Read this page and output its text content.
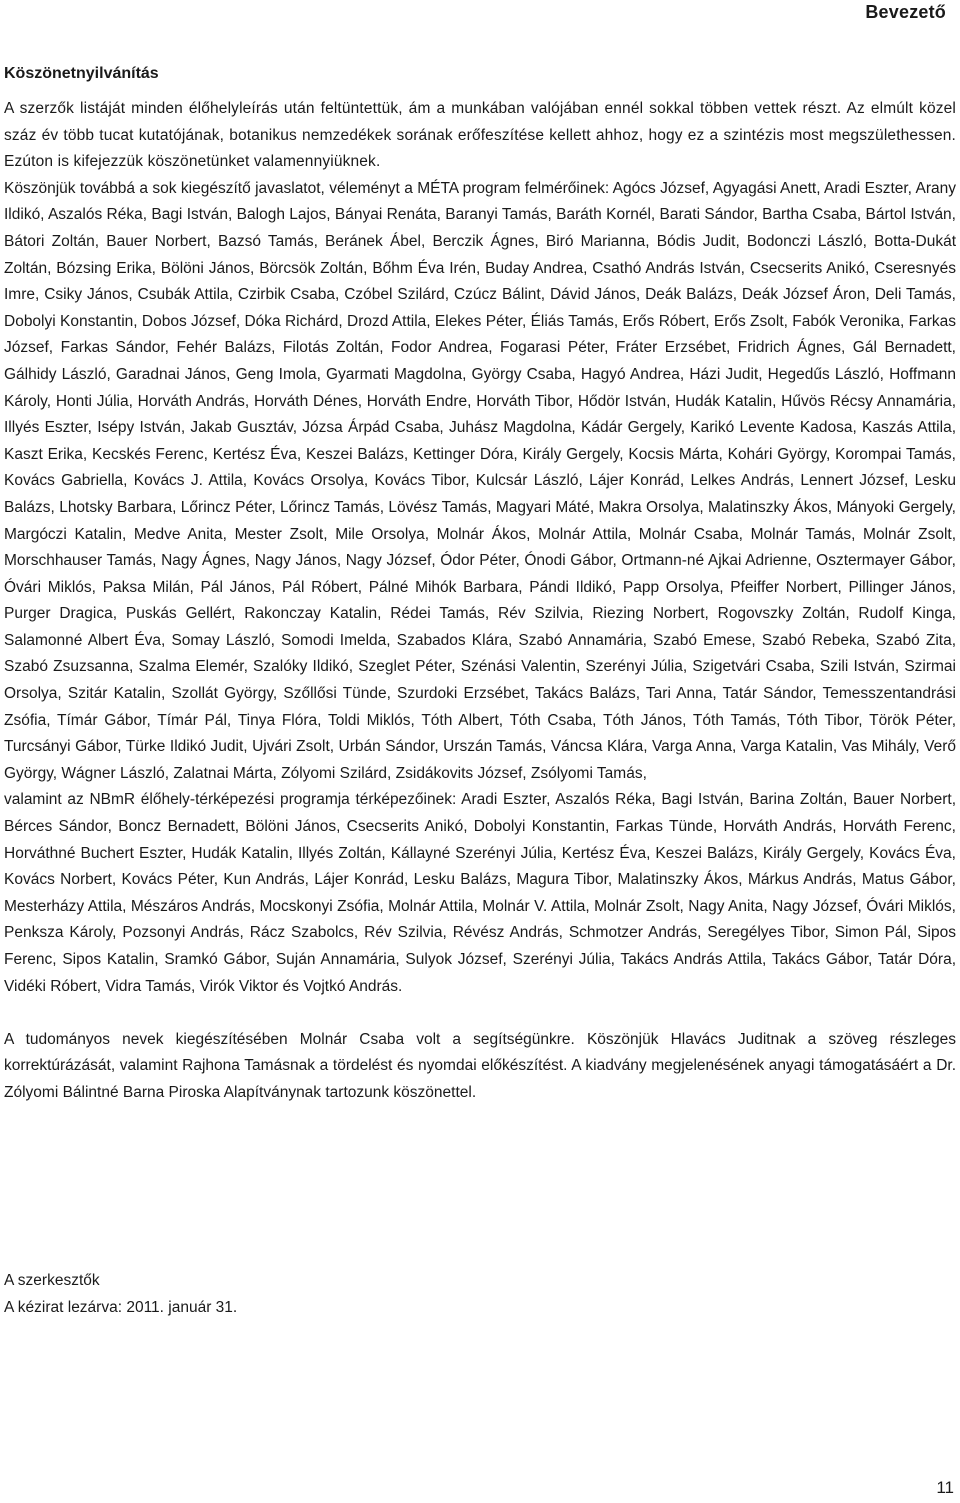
Bevezető
Köszönetnyilvánítás

A szerzők listáját minden élőhelyleírás után feltüntettük, ám a munkában valójában ennél sokkal többen vettek részt. Az elmúlt közel száz év több tucat kutatójának, botanikus nemzedékek sorának erőfeszítése kellett ahhoz, hogy ez a szintézis most megszülethessen. Ezúton is kifejezzük köszönetünket valamennyiüknek.

Köszönjük továbbá a sok kiegészítő javaslatot, véleményt a MÉTA program felmérőinek: Agócs József, Agyagási Anett, Aradi Eszter, Arany Ildikó, Aszalós Réka, Bagi István, Balogh Lajos, Bányai Renáta, Baranyi Tamás, Baráth Kornél, Barati Sándor, Bartha Csaba, Bártol István, Bátori Zoltán, Bauer Norbert, Bazsó Tamás, Beránek Ábel, Berczik Ágnes, Biró Marianna, Bódis Judit, Bodonczi László, Botta-Dukát Zoltán, Bózsing Erika, Bölöni János, Börcsök Zoltán, Bőhm Éva Irén, Buday Andrea, Csathó András István, Csecserits Anikó, Cseresnyés Imre, Csiky János, Csubák Attila, Czirbik Csaba, Czóbel Szilárd, Czúcz Bálint, Dávid János, Deák Balázs, Deák József Áron, Deli Tamás, Dobolyi Konstantin, Dobos József, Dóka Richárd, Drozd Attila, Elekes Péter, Éliás Tamás, Erős Róbert, Erős Zsolt, Fabók Veronika, Farkas József, Farkas Sándor, Fehér Balázs, Filotás Zoltán, Fodor Andrea, Fogarasi Péter, Fráter Erzsébet, Fridrich Ágnes, Gál Bernadett, Gálhidy László, Garadnai János, Geng Imola, Gyarmati Magdolna, György Csaba, Hagyó Andrea, Házi Judit, Hegedűs László, Hoffmann Károly, Honti Júlia, Horváth András, Horváth Dénes, Horváth Endre, Horváth Tibor, Hődör István, Hudák Katalin, Hűvös Récsy Annamária, Illyés Eszter, Isépy István, Jakab Gusztáv, Józsa Árpád Csaba, Juhász Magdolna, Kádár Gergely, Karikó Levente Kadosa, Kaszás Attila, Kaszt Erika, Kecskés Ferenc, Kertész Éva, Keszei Balázs, Kettinger Dóra, Király Gergely, Kocsis Márta, Kohári György, Korompai Tamás, Kovács Gabriella, Kovács J. Attila, Kovács Orsolya, Kovács Tibor, Kulcsár László, Lájer Konrád, Lelkes András, Lennert József, Lesku Balázs, Lhotsky Barbara, Lőrincz Péter, Lőrincz Tamás, Lövész Tamás, Magyari Máté, Makra Orsolya, Malatinszky Ákos, Mányoki Gergely, Margóczi Katalin, Medve Anita, Mester Zsolt, Mile Orsolya, Molnár Ákos, Molnár Attila, Molnár Csaba, Molnár Tamás, Molnár Zsolt, Morschhauser Tamás, Nagy Ágnes, Nagy János, Nagy József, Ódor Péter, Ónodi Gábor, Ortmann-né Ajkai Adrienne, Osztermayer Gábor, Óvári Miklós, Paksa Milán, Pál János, Pál Róbert, Pálné Mihók Barbara, Pándi Ildikó, Papp Orsolya, Pfeiffer Norbert, Pillinger János, Purger Dragica, Puskás Gellért, Rakonczay Katalin, Rédei Tamás, Rév Szilvia, Riezing Norbert, Rogovszky Zoltán, Rudolf Kinga, Salamonné Albert Éva, Somay László, Somodi Imelda, Szabados Klára, Szabó Annamária, Szabó Emese, Szabó Rebeka, Szabó Zita, Szabó Zsuzsanna, Szalma Elemér, Szalóky Ildikó, Szeglet Péter, Szénási Valentin, Szerényi Júlia, Szigetvári Csaba, Szili István, Szirmai Orsolya, Szitár Katalin, Szollát György, Szőllősi Tünde, Szurdoki Erzsébet, Takács Balázs, Tari Anna, Tatár Sándor, Temesszentandrási Zsófia, Tímár Gábor, Tímár Pál, Tinya Flóra, Toldi Miklós, Tóth Albert, Tóth Csaba, Tóth János, Tóth Tamás, Tóth Tibor, Török Péter, Turcsányi Gábor, Türke Ildikó Judit, Ujvári Zsolt, Urbán Sándor, Urszán Tamás, Váncsa Klára, Varga Anna, Varga Katalin, Vas Mihály, Verő György, Wágner László, Zalatnai Márta, Zólyomi Szilárd, Zsidákovits József, Zsólyomi Tamás,

valamint az NBmR élőhely-térképezési programja térképezőinek: Aradi Eszter, Aszalós Réka, Bagi István, Barina Zoltán, Bauer Norbert, Bérces Sándor, Boncz Bernadett, Bölöni János, Csecserits Anikó, Dobolyi Konstantin, Farkas Tünde, Horváth András, Horváth Ferenc, Horváthné Buchert Eszter, Hudák Katalin, Illyés Zoltán, Kállayné Szerényi Júlia, Kertész Éva, Keszei Balázs, Király Gergely, Kovács Éva, Kovács Norbert, Kovács Péter, Kun András, Lájer Konrád, Lesku Balázs, Magura Tibor, Malatinszky Ákos, Márkus András, Matus Gábor, Mesterházy Attila, Mészáros András, Mocskonyi Zsófia, Molnár Attila, Molnár V. Attila, Molnár Zsolt, Nagy Anita, Nagy József, Óvári Miklós, Penksza Károly, Pozsonyi András, Rácz Szabolcs, Rév Szilvia, Révész András, Schmotzer András, Seregélyes Tibor, Simon Pál, Sipos Ferenc, Sipos Katalin, Sramkó Gábor, Suján Annamária, Sulyok József, Szerényi Júlia, Takács András Attila, Takács Gábor, Tatár Dóra, Vidéki Róbert, Vidra Tamás, Virók Viktor és Vojtkó András.

A tudományos nevek kiegészítésében Molnár Csaba volt a segítségünkre. Köszönjük Hlavács Juditnak a szöveg részleges korrektúrázását, valamint Rajhona Tamásnak a tördelést és nyomdai előkészítést. A kiadvány megjelenésének anyagi támogatásáért a Dr. Zólyomi Bálintné Barna Piroska Alapítványnak tartozunk köszönettel.

A szerkesztők

A kézirat lezárva: 2011. január 31.

11
